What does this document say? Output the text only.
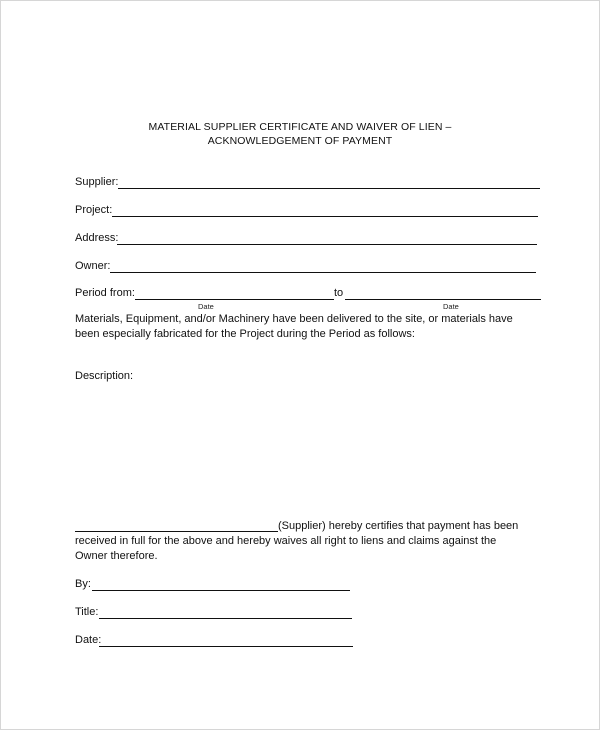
MATERIAL SUPPLIER CERTIFICATE AND WAIVER OF LIEN –
ACKNOWLEDGEMENT OF PAYMENT
Supplier:
Project:
Address:
Owner:
Period from:	to
Date	Date
Materials, Equipment, and/or Machinery have been delivered to the site, or materials have
been especially fabricated for the Project during the Period as follows:
Description:
(Supplier) hereby certifies that payment has been
received in full for the above and hereby waives all right to liens and claims against the
Owner therefore.
By:
Title:
Date:
